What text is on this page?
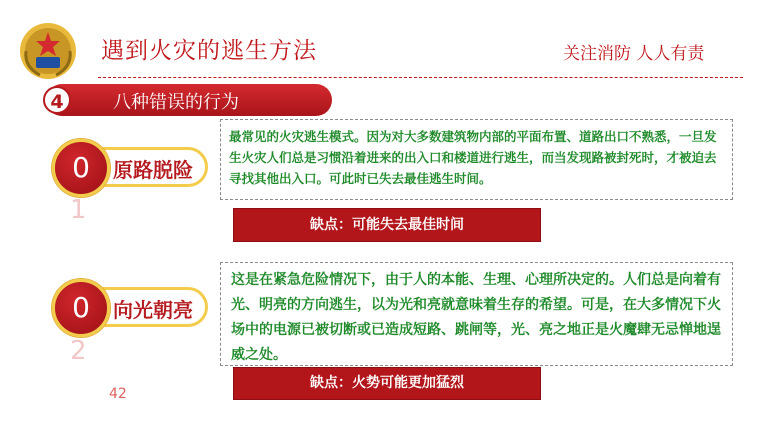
遇到火灾的逃生方法	关注消防 人人有责
4	八种错误的行为
0
1
原路脱险
最常见的火灾逃生模式。因为对大多数建筑物内部的平面布置、道路出口不熟悉，一旦发生火灾人们总是习惯沿着进来的出入口和楼道进行逃生，而当发现路被封死时，才被迫去寻找其他出入口。可此时已失去最佳逃生时间。
缺点：可能失去最佳时间
0
2
向光朝亮
这是在紧急危险情况下，由于人的本能、生理、心理所决定的。人们总是向着有光、明亮的方向逃生，以为光和亮就意味着生存的希望。可是，在大多情况下火场中的电源已被切断或已造成短路、跳闸等，光、亮之地正是火魔肆无忌惮地逞威之处。
缺点：火势可能更加猛烈
42
